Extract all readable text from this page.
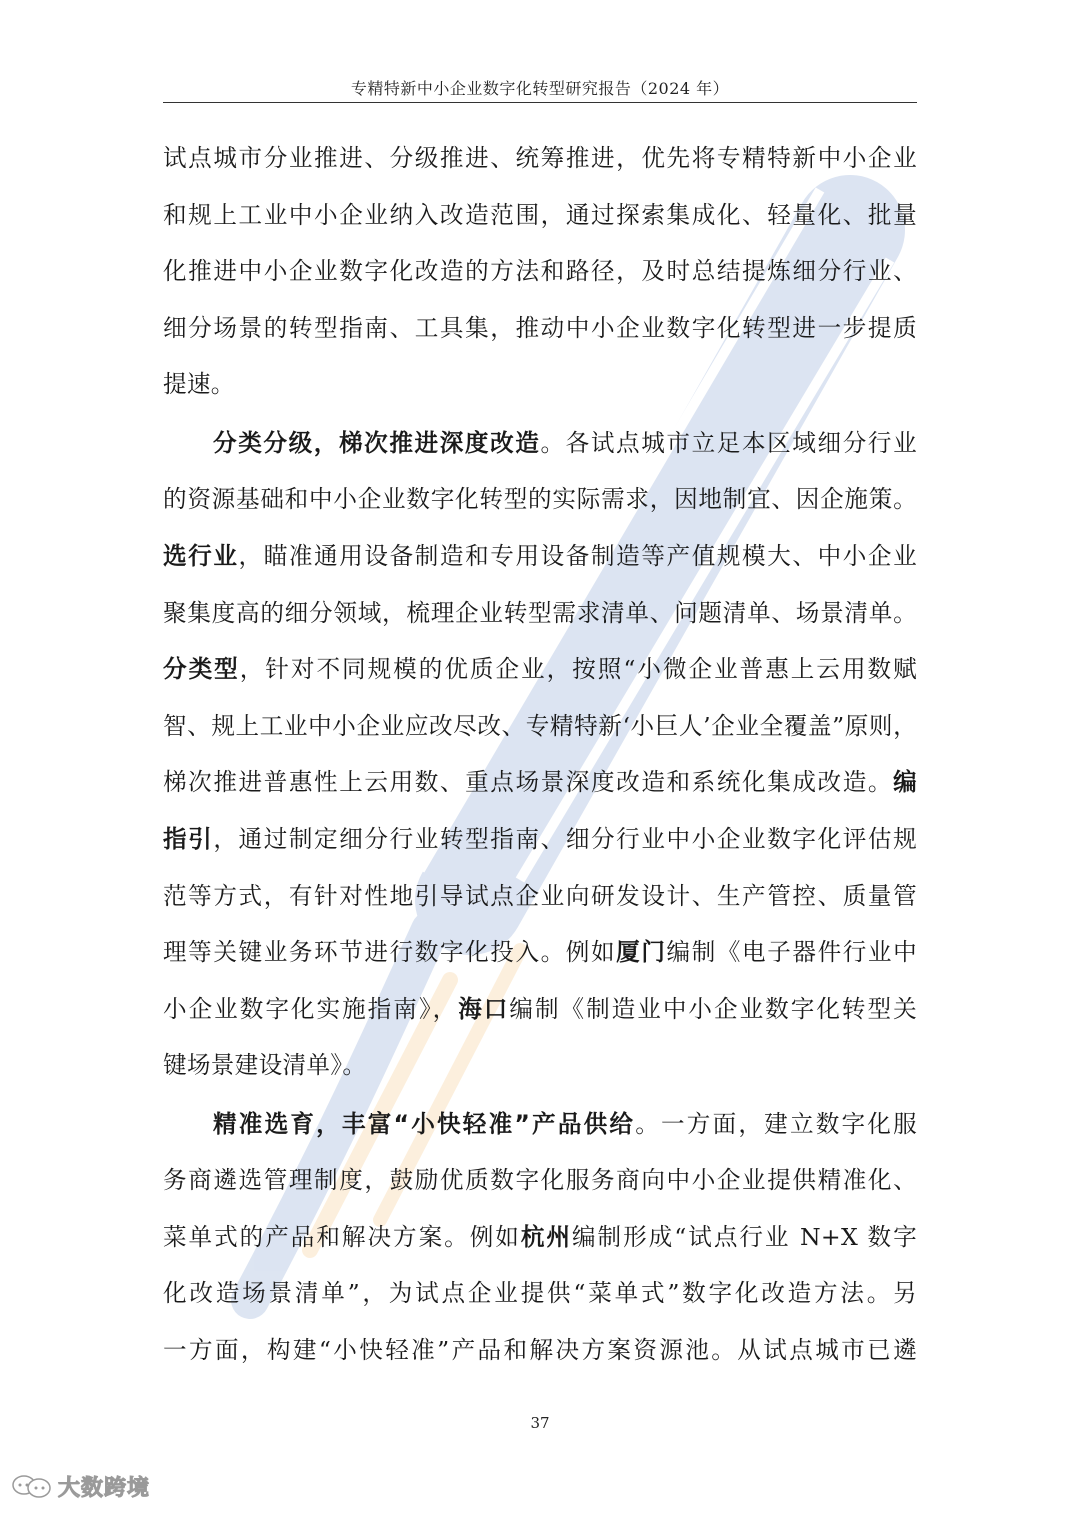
专精特新中小企业数字化转型研究报告（2024 年）
试点城市分业推进、分级推进、统筹推进，优先将专精特新中小企业
和规上工业中小企业纳入改造范围，通过探索集成化、轻量化、批量
化推进中小企业数字化改造的方法和路径，及时总结提炼细分行业、
细分场景的转型指南、工具集，推动中小企业数字化转型进一步提质
提速。
分类分级，梯次推进深度改造。各试点城市立足本区域细分行业
的资源基础和中小企业数字化转型的实际需求，因地制宜、因企施策。
选行业，瞄准通用设备制造和专用设备制造等产值规模大、中小企业
聚集度高的细分领域，梳理企业转型需求清单、问题清单、场景清单。
分类型，针对不同规模的优质企业，按照“小微企业普惠上云用数赋
智、规上工业中小企业应改尽改、专精特新‘小巨人’企业全覆盖”原则，
梯次推进普惠性上云用数、重点场景深度改造和系统化集成改造。编
指引，通过制定细分行业转型指南、细分行业中小企业数字化评估规
范等方式，有针对性地引导试点企业向研发设计、生产管控、质量管
理等关键业务环节进行数字化投入。例如厦门编制《电子器件行业中
小企业数字化实施指南》，海口编制《制造业中小企业数字化转型关
键场景建设清单》。
精准选育，丰富“小快轻准”产品供给。一方面，建立数字化服
务商遴选管理制度，鼓励优质数字化服务商向中小企业提供精准化、
菜单式的产品和解决方案。例如杭州编制形成“试点行业 N+X 数字
化改造场景清单”，为试点企业提供“菜单式”数字化改造方法。另
一方面，构建“小快轻准”产品和解决方案资源池。从试点城市已遴
37
大数跨境
